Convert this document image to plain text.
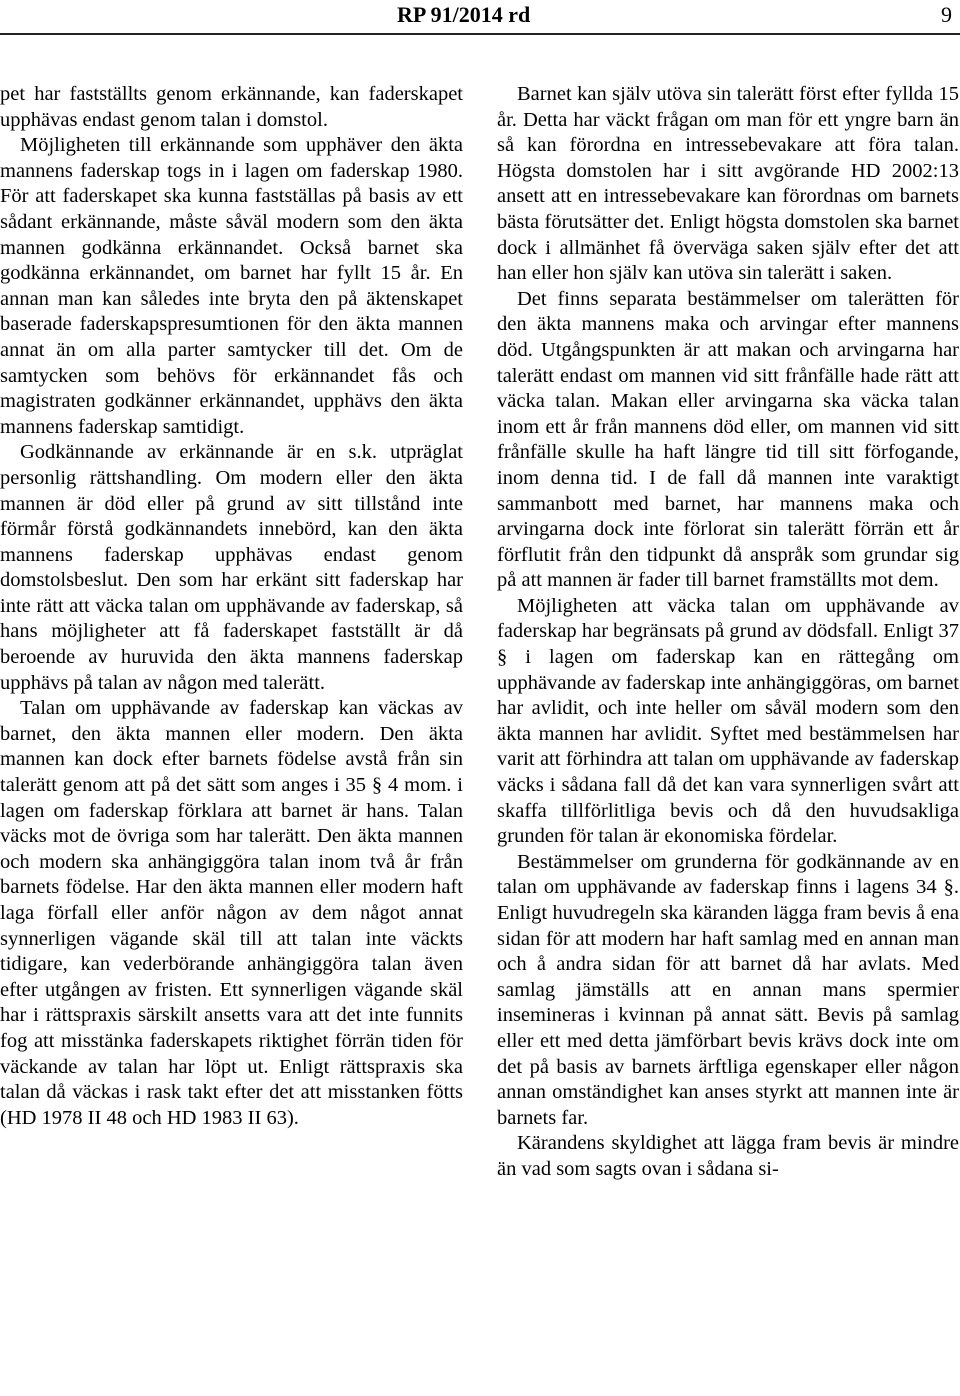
RP 91/2014 rd	9

pet har fastställts genom erkännande, kan faderskapet upphävas endast genom talan i domstol.

Möjligheten till erkännande som upphäver den äkta mannens faderskap togs in i lagen om faderskap 1980. För att faderskapet ska kunna fastställas på basis av ett sådant erkännande, måste såväl modern som den äkta mannen godkänna erkännandet. Också barnet ska godkänna erkännandet, om barnet har fyllt 15 år. En annan man kan således inte bryta den på äktenskapet baserade faderskapspresumtionen för den äkta mannen annat än om alla parter samtycker till det. Om de samtycken som behövs för erkännandet fås och magistraten godkänner erkännandet, upphävs den äkta mannens faderskap samtidigt.

Godkännande av erkännande är en s.k. utpräglat personlig rättshandling. Om modern eller den äkta mannen är död eller på grund av sitt tillstånd inte förmår förstå godkännandets innebörd, kan den äkta mannens faderskap upphävas endast genom domstolsbeslut. Den som har erkänt sitt faderskap har inte rätt att väcka talan om upphävande av faderskap, så hans möjligheter att få faderskapet fastställt är då beroende av huruvida den äkta mannens faderskap upphävs på talan av någon med talerätt.

Talan om upphävande av faderskap kan väckas av barnet, den äkta mannen eller modern. Den äkta mannen kan dock efter barnets födelse avstå från sin talerätt genom att på det sätt som anges i 35 § 4 mom. i lagen om faderskap förklara att barnet är hans. Talan väcks mot de övriga som har talerätt. Den äkta mannen och modern ska anhängiggöra talan inom två år från barnets födelse. Har den äkta mannen eller modern haft laga förfall eller anför någon av dem något annat synnerligen vägande skäl till att talan inte väckts tidigare, kan vederbörande anhängiggöra talan även efter utgången av fristen. Ett synnerligen vägande skäl har i rättspraxis särskilt ansetts vara att det inte funnits fog att misstänka faderskapets riktighet förrän tiden för väckande av talan har löpt ut. Enligt rättspraxis ska talan då väckas i rask takt efter det att misstanken fötts (HD 1978 II 48 och HD 1983 II 63).

Barnet kan själv utöva sin talerätt först efter fyllda 15 år. Detta har väckt frågan om man för ett yngre barn än så kan förordna en intressebevakare att föra talan. Högsta domstolen har i sitt avgörande HD 2002:13 ansett att en intressebevakare kan förordnas om barnets bästa förutsätter det. Enligt högsta domstolen ska barnet dock i allmänhet få överväga saken själv efter det att han eller hon själv kan utöva sin talerätt i saken.

Det finns separata bestämmelser om talerätten för den äkta mannens maka och arvingar efter mannens död. Utgångspunkten är att makan och arvingarna har talerätt endast om mannen vid sitt frånfälle hade rätt att väcka talan. Makan eller arvingarna ska väcka talan inom ett år från mannens död eller, om mannen vid sitt frånfälle skulle ha haft längre tid till sitt förfogande, inom denna tid. I de fall då mannen inte varaktigt sammanbott med barnet, har mannens maka och arvingarna dock inte förlorat sin talerätt förrän ett år förflutit från den tidpunkt då anspråk som grundar sig på att mannen är fader till barnet framställts mot dem.

Möjligheten att väcka talan om upphävande av faderskap har begränsats på grund av dödsfall. Enligt 37 § i lagen om faderskap kan en rättegång om upphävande av faderskap inte anhängiggöras, om barnet har avlidit, och inte heller om såväl modern som den äkta mannen har avlidit. Syftet med bestämmelsen har varit att förhindra att talan om upphävande av faderskap väcks i sådana fall då det kan vara synnerligen svårt att skaffa tillförlitliga bevis och då den huvudsakliga grunden för talan är ekonomiska fördelar.

Bestämmelser om grunderna för godkännande av en talan om upphävande av faderskap finns i lagens 34 §. Enligt huvudregeln ska käranden lägga fram bevis å ena sidan för att modern har haft samlag med en annan man och å andra sidan för att barnet då har avlats. Med samlag jämställs att en annan mans spermier insemineras i kvinnan på annat sätt. Bevis på samlag eller ett med detta jämförbart bevis krävs dock inte om det på basis av barnets ärftliga egenskaper eller någon annan omständighet kan anses styrkt att mannen inte är barnets far.

Kärandens skyldighet att lägga fram bevis är mindre än vad som sagts ovan i sådana si-
